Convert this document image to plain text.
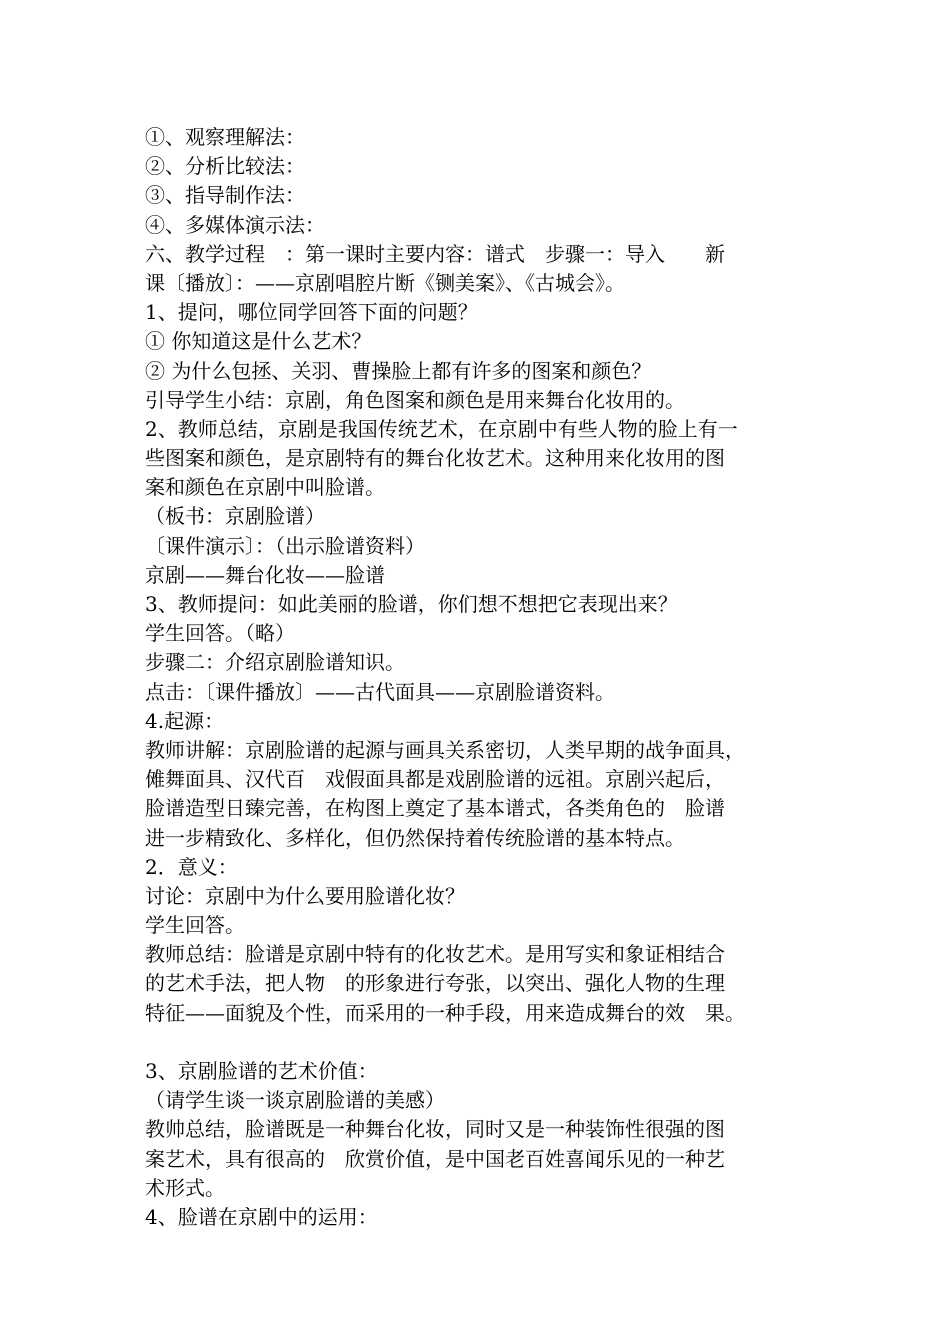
①、观察理解法：
②、分析比较法：
③、指导制作法：
④、多媒体演示法：
六、教学过程　：第一课时主要内容：谱式　步骤一：导入　　新
课〔播放〕：——京剧唱腔片断《铡美案》、《古城会》。
1、提问，哪位同学回答下面的问题？
① 你知道这是什么艺术？
② 为什么包拯、关羽、曹操脸上都有许多的图案和颜色？
引导学生小结：京剧，角色图案和颜色是用来舞台化妆用的。
2、教师总结，京剧是我国传统艺术，在京剧中有些人物的脸上有一
些图案和颜色，是京剧特有的舞台化妆艺术。这种用来化妆用的图
案和颜色在京剧中叫脸谱。
（板书：京剧脸谱）
〔课件演示〕：（出示脸谱资料）
京剧——舞台化妆——脸谱
3、教师提问：如此美丽的脸谱，你们想不想把它表现出来？
学生回答。（略）
步骤二：介绍京剧脸谱知识。
点击：〔课件播放〕——古代面具——京剧脸谱资料。
4.起源：
教师讲解：京剧脸谱的起源与画具关系密切，人类早期的战争面具，
傩舞面具、汉代百　戏假面具都是戏剧脸谱的远祖。京剧兴起后，
脸谱造型日臻完善，在构图上奠定了基本谱式，各类角色的　脸谱
进一步精致化、多样化，但仍然保持着传统脸谱的基本特点。
2．意义：
讨论：京剧中为什么要用脸谱化妆？
学生回答。
教师总结：脸谱是京剧中特有的化妆艺术。是用写实和象证相结合
的艺术手法，把人物　的形象进行夸张，以突出、强化人物的生理
特征——面貌及个性，而采用的一种手段，用来造成舞台的效　果。
3、京剧脸谱的艺术价值：
（请学生谈一谈京剧脸谱的美感）
教帅总结，脸谱既是一种舞台化妆，同时又是一种装饰性很强的图
案艺术，具有很高的　欣赏价值，是中国老百姓喜闻乐见的一种艺
术形式。
4、脸谱在京剧中的运用：
